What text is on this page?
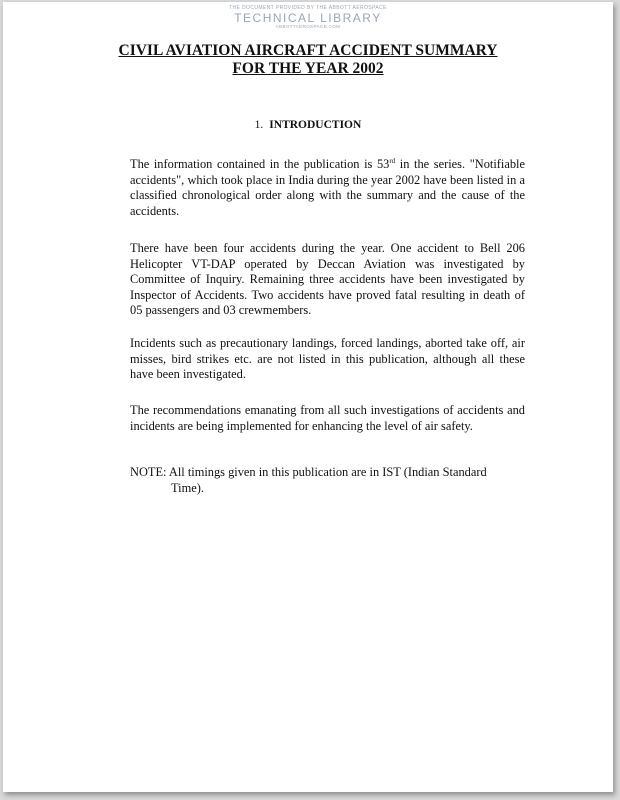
THE DOCUMENT PROVIDED BY THE ABBOTT AEROSPACE
TECHNICAL LIBRARY
ABBOTTAEROSPACE.COM
CIVIL AVIATION AIRCRAFT ACCIDENT SUMMARY
FOR THE YEAR 2002
1. INTRODUCTION

The information contained in the publication is 53rd in the series. "Notifiable accidents", which took place in India during the year 2002 have been listed in a classified chronological order along with the summary and the cause of the accidents.

There have been four accidents during the year. One accident to Bell 206 Helicopter VT-DAP operated by Deccan Aviation was investigated by Committee of Inquiry. Remaining three accidents have been investigated by Inspector of Accidents. Two accidents have proved fatal resulting in death of 05 passengers and 03 crewmembers.

Incidents such as precautionary landings, forced landings, aborted take off, air misses, bird strikes etc. are not listed in this publication, although all these have been investigated.

The recommendations emanating from all such investigations of accidents and incidents are being implemented for enhancing the level of air safety.

NOTE: All timings given in this publication are in IST (Indian Standard
Time).
